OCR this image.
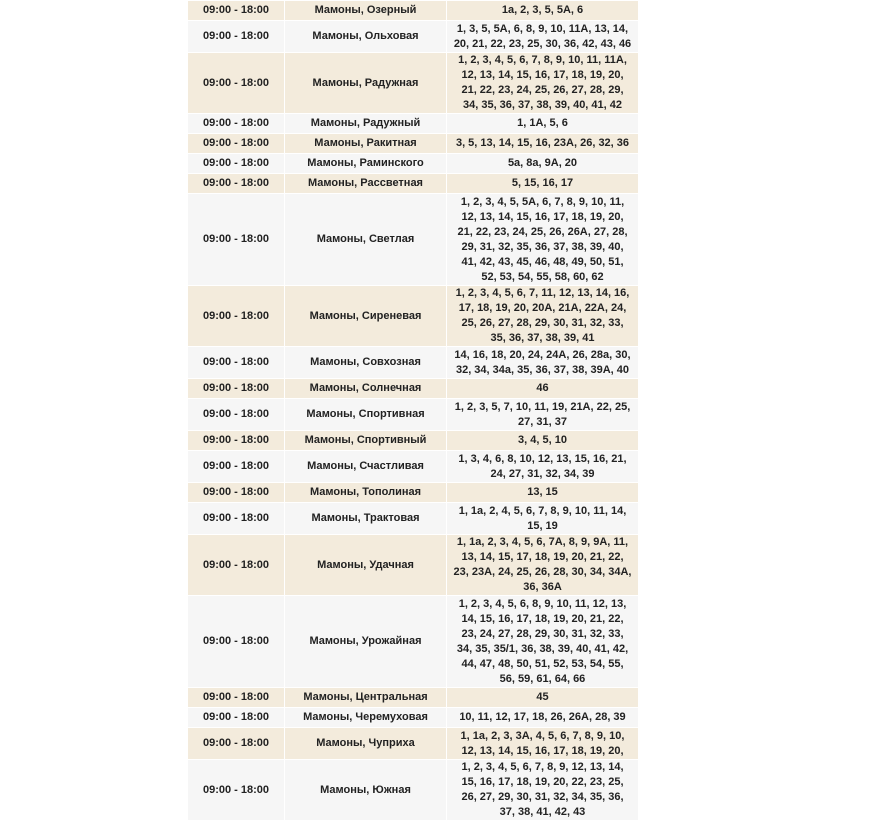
09:00 - 18:00	Мамоны, Озерный	1а, 2, 3, 5, 5А, 6
09:00 - 18:00	Мамоны, Ольховая	1, 3, 5, 5А, 6, 8, 9, 10, 11А, 13, 14, 20, 21, 22, 23, 25, 30, 36, 42, 43, 46
09:00 - 18:00	Мамоны, Радужная	1, 2, 3, 4, 5, 6, 7, 8, 9, 10, 11, 11А, 12, 13, 14, 15, 16, 17, 18, 19, 20, 21, 22, 23, 24, 25, 26, 27, 28, 29, 34, 35, 36, 37, 38, 39, 40, 41, 42
09:00 - 18:00	Мамоны, Радужный	1, 1А, 5, 6
09:00 - 18:00	Мамоны, Ракитная	3, 5, 13, 14, 15, 16, 23А, 26, 32, 36
09:00 - 18:00	Мамоны, Раминского	5а, 8а, 9А, 20
09:00 - 18:00	Мамоны, Рассветная	5, 15, 16, 17
09:00 - 18:00	Мамоны, Светлая	1, 2, 3, 4, 5, 5А, 6, 7, 8, 9, 10, 11, 12, 13, 14, 15, 16, 17, 18, 19, 20, 21, 22, 23, 24, 25, 26, 26А, 27, 28, 29, 31, 32, 35, 36, 37, 38, 39, 40, 41, 42, 43, 45, 46, 48, 49, 50, 51, 52, 53, 54, 55, 58, 60, 62
09:00 - 18:00	Мамоны, Сиреневая	1, 2, 3, 4, 5, 6, 7, 11, 12, 13, 14, 16, 17, 18, 19, 20, 20А, 21А, 22А, 24, 25, 26, 27, 28, 29, 30, 31, 32, 33, 35, 36, 37, 38, 39, 41
09:00 - 18:00	Мамоны, Совхозная	14, 16, 18, 20, 24, 24А, 26, 28а, 30, 32, 34, 34а, 35, 36, 37, 38, 39А, 40
09:00 - 18:00	Мамоны, Солнечная	46
09:00 - 18:00	Мамоны, Спортивная	1, 2, 3, 5, 7, 10, 11, 19, 21А, 22, 25, 27, 31, 37
09:00 - 18:00	Мамоны, Спортивный	3, 4, 5, 10
09:00 - 18:00	Мамоны, Счастливая	1, 3, 4, 6, 8, 10, 12, 13, 15, 16, 21, 24, 27, 31, 32, 34, 39
09:00 - 18:00	Мамоны, Тополиная	13, 15
09:00 - 18:00	Мамоны, Трактовая	1, 1а, 2, 4, 5, 6, 7, 8, 9, 10, 11, 14, 15, 19
09:00 - 18:00	Мамоны, Удачная	1, 1а, 2, 3, 4, 5, 6, 7А, 8, 9, 9А, 11, 13, 14, 15, 17, 18, 19, 20, 21, 22, 23, 23А, 24, 25, 26, 28, 30, 34, 34А, 36, 36А
09:00 - 18:00	Мамоны, Урожайная	1, 2, 3, 4, 5, 6, 8, 9, 10, 11, 12, 13, 14, 15, 16, 17, 18, 19, 20, 21, 22, 23, 24, 27, 28, 29, 30, 31, 32, 33, 34, 35, 35/1, 36, 38, 39, 40, 41, 42, 44, 47, 48, 50, 51, 52, 53, 54, 55, 56, 59, 61, 64, 66
09:00 - 18:00	Мамоны, Центральная	45
09:00 - 18:00	Мамоны, Черемуховая	10, 11, 12, 17, 18, 26, 26А, 28, 39
09:00 - 18:00	Мамоны, Чуприха	1, 1а, 2, 3, 3А, 4, 5, 6, 7, 8, 9, 10, 12, 13, 14, 15, 16, 17, 18, 19, 20,
09:00 - 18:00	Мамоны, Южная	1, 2, 3, 4, 5, 6, 7, 8, 9, 12, 13, 14, 15, 16, 17, 18, 19, 20, 22, 23, 25, 26, 27, 29, 30, 31, 32, 34, 35, 36, 37, 38, 41, 42, 43
